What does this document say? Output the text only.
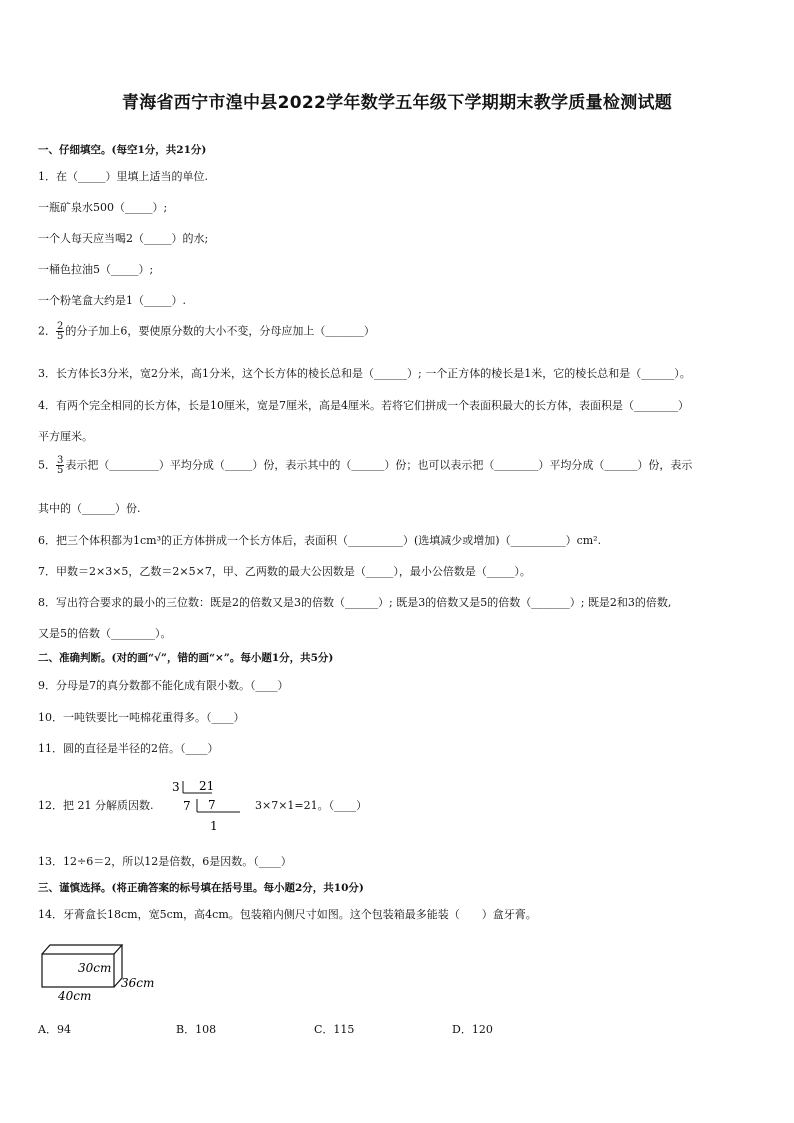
青海省西宁市湟中县2022学年数学五年级下学期期末教学质量检测试题
一、仔细填空。(每空1分，共21分)
1．在（_____）里填上适当的单位.
一瓶矿泉水500（_____）;
一个人每天应当喝2（_____）的水;
一桶色拉油5（_____）;
一个粉笔盒大约是1（_____）.
2． $\frac{2}{5}$ 的分子加上6，要使原分数的大小不变，分母应加上（_______）
3．长方体长3分米，宽2分米，高1分米，这个长方体的棱长总和是（______）; 一个正方体的棱长是1米，它的棱长总和是（______）。
4．有两个完全相同的长方体，长是10厘米，宽是7厘米，高是4厘米。若将它们拼成一个表面积最大的长方体，表面积是（________）
平方厘米。
5． $\frac{3}{5}$ 表示把（_________）平均分成（_____）份，表示其中的（______）份；也可以表示把（________）平均分成（______）份，表示
其中的（______）份.
6．把三个体积都为1cm³的正方体拼成一个长方体后，表面积（__________）(选填减少或增加)（__________）cm².
7．甲数＝2×3×5，乙数＝2×5×7，甲、乙两数的最大公因数是（_____），最小公倍数是（_____）。
8．写出符合要求的最小的三位数：既是2的倍数又是3的倍数（______）; 既是3的倍数又是5的倍数（_______）; 既是2和3的倍数,
又是5的倍数（________）。
二、准确判断。(对的画“√”，错的画“×”。每小题1分，共5分)
9．分母是7的真分数都不能化成有限小数。（____）
10．一吨铁要比一吨棉花重得多。（____）
11．圆的直径是半径的2倍。（____）
12．把 21 分解质因数.
3 21
7 7
1
3×7×1=21。（____）
13．12÷6＝2，所以12是倍数，6是因数。（____）
三、谨慎选择。(将正确答案的标号填在括号里。每小题2分，共10分)
14．牙膏盒长18cm，宽5cm，高4cm。包装箱内侧尺寸如图。这个包装箱最多能装（　　）盒牙膏。
30cm
36cm
40cm
A．94	B．108	C．115	D．120
